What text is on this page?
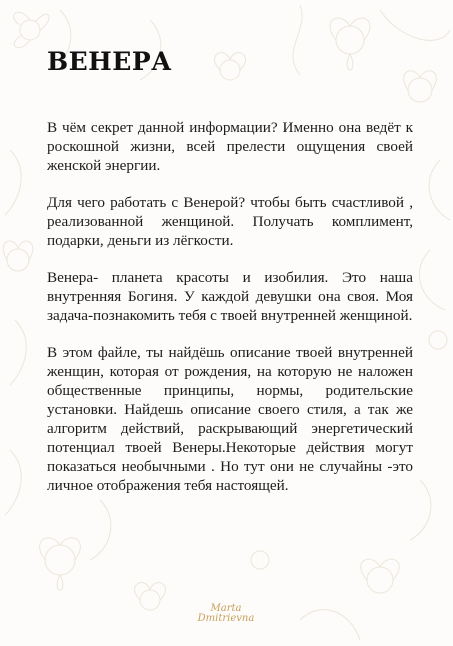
ВЕНЕРА

В чём секрет данной информации? Именно она ведёт к роскошной жизни, всей прелести ощущения своей женской энергии.

Для чего работать с Венерой? чтобы быть счастливой , реализованной женщиной. Получать комплимент, подарки, деньги из лёгкости.

Венера- планета красоты и изобилия. Это наша внутренняя Богиня. У каждой девушки она своя. Моя задача-познакомить тебя с твоей внутренней женщиной.

В этом файле, ты найдёшь описание твоей внутренней женщин, которая от рождения, на которую не наложен общественные принципы, нормы, родительские установки. Найдешь описание своего стиля, а так же алгоритм действий, раскрывающий энергетический потенциал твоей Венеры.Некоторые действия могут показаться необычными . Но тут они не случайны -это личное отображения тебя настоящей.

Marta
Dmitrievna
